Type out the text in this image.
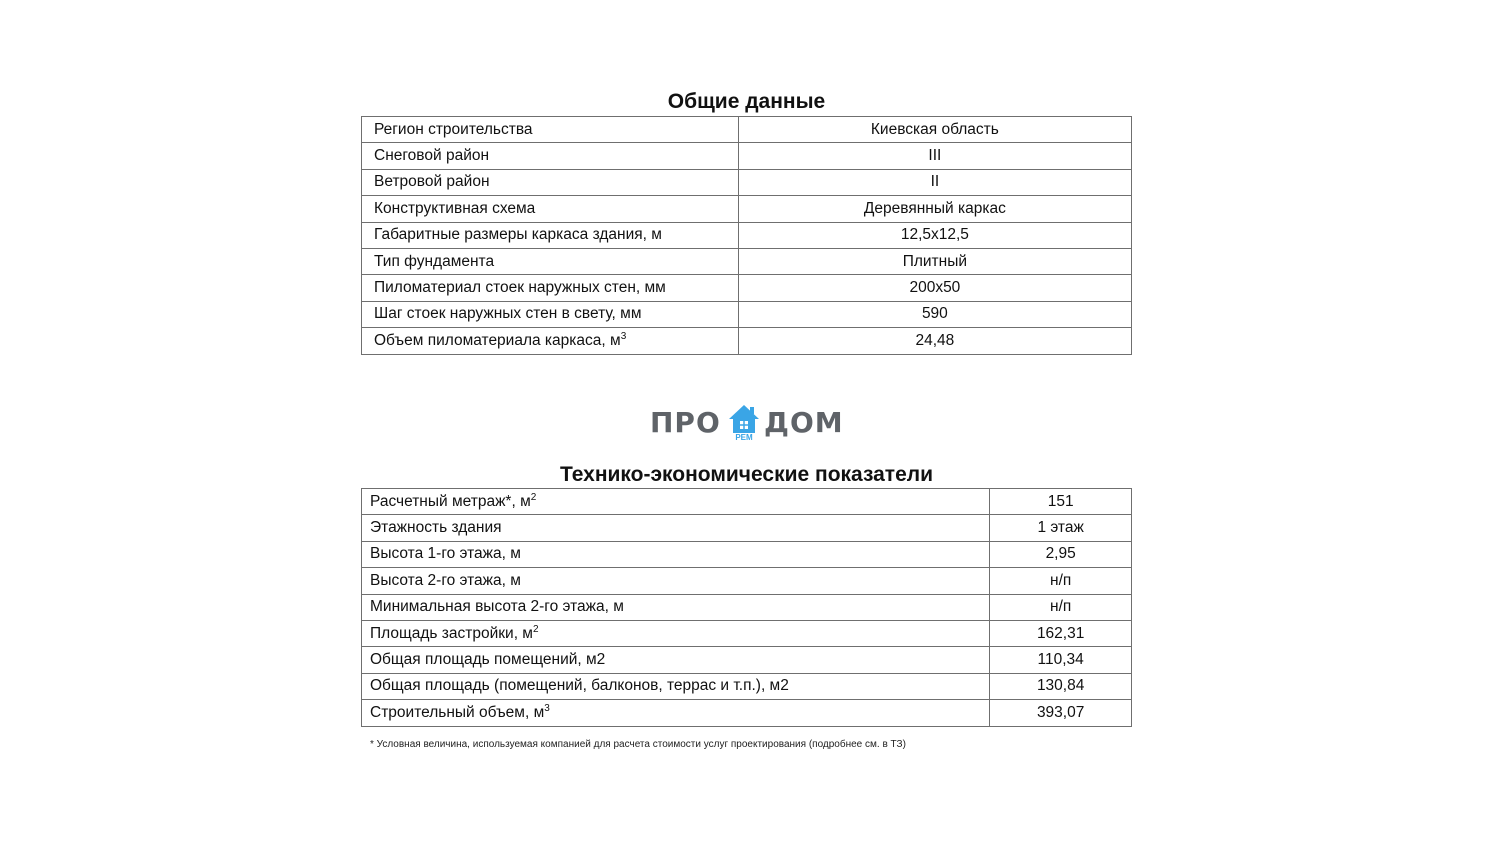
Общие данные
Регион строительства	Киевская область
Снеговой район	III
Ветровой район	II
Конструктивная схема	Деревянный каркас
Габаритные размеры каркаса здания, м	12,5x12,5
Тип фундамента	Плитный
Пиломатериал стоек наружных стен, мм	200x50
Шаг стоек наружных стен в свету, мм	590
Объем пиломатериала каркаса, $м^3$	24,48
ПРО	РЕМ ДОМ
Технико-экономические показатели
Расчетный метраж*, $м^2$	151
Этажность здания	1 этаж
Высота 1-го этажа, м	2,95
Высота 2-го этажа, м	н/п
Минимальная высота 2-го этажа, м	н/п
Площадь застройки, $м^2$	162,31
Общая площадь помещений, м2	110,34
Общая площадь (помещений, балконов, террас и т.п.), м2	130,84
Строительный объем, $м^3$	393,07
* Условная величина, используемая компанией для расчета стоимости услуг проектирования (подробнее см. в ТЗ)
